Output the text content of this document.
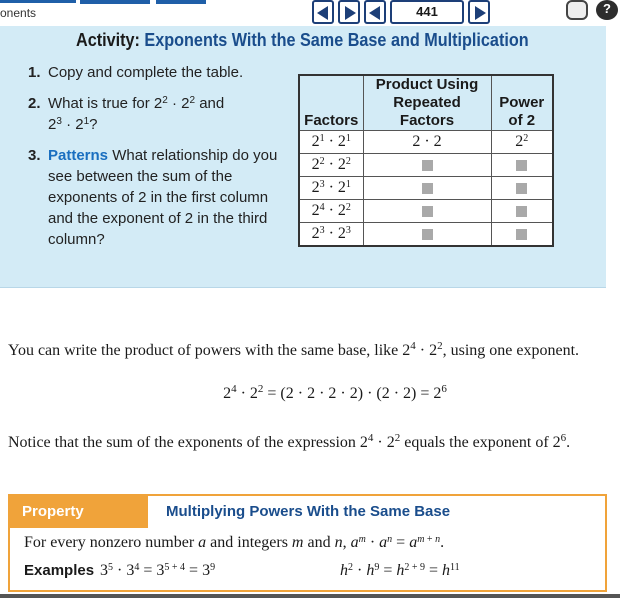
onents	441	?
Activity: Exponents With the Same Base and Multiplication
1. Copy and complete the table.
2. What is true for $2^2 \cdot 2^2$ and
$2^3 \cdot 2^1$?
3. Patterns What relationship do you see between the sum of the exponents of 2 in the first column and the exponent of 2 in the third column?
Factors	Product Using Repeated Factors	Power of 2
$2^1 \cdot 2^1$	2 · 2	$2^2$
$2^2 \cdot 2^2$		
$2^3 \cdot 2^1$		
$2^4 \cdot 2^2$		
$2^3 \cdot 2^3$		
You can write the product of powers with the same base, like $2^4 \cdot 2^2$, using one exponent.
$2^4 \cdot 2^2 = (2 \cdot 2 \cdot 2 \cdot 2) \cdot (2 \cdot 2) = 2^6$
Notice that the sum of the exponents of the expression $2^4 \cdot 2^2$ equals the exponent of $2^6$.
Property	Multiplying Powers With the Same Base
For every nonzero number a and integers m and n, $a^m \cdot a^n = a^{m + n}$.
Examples $3^5 \cdot 3^4 = 3^{5 + 4} = 3^9$	$h^2 \cdot h^9 = h^{2 + 9} = h^{11}$
